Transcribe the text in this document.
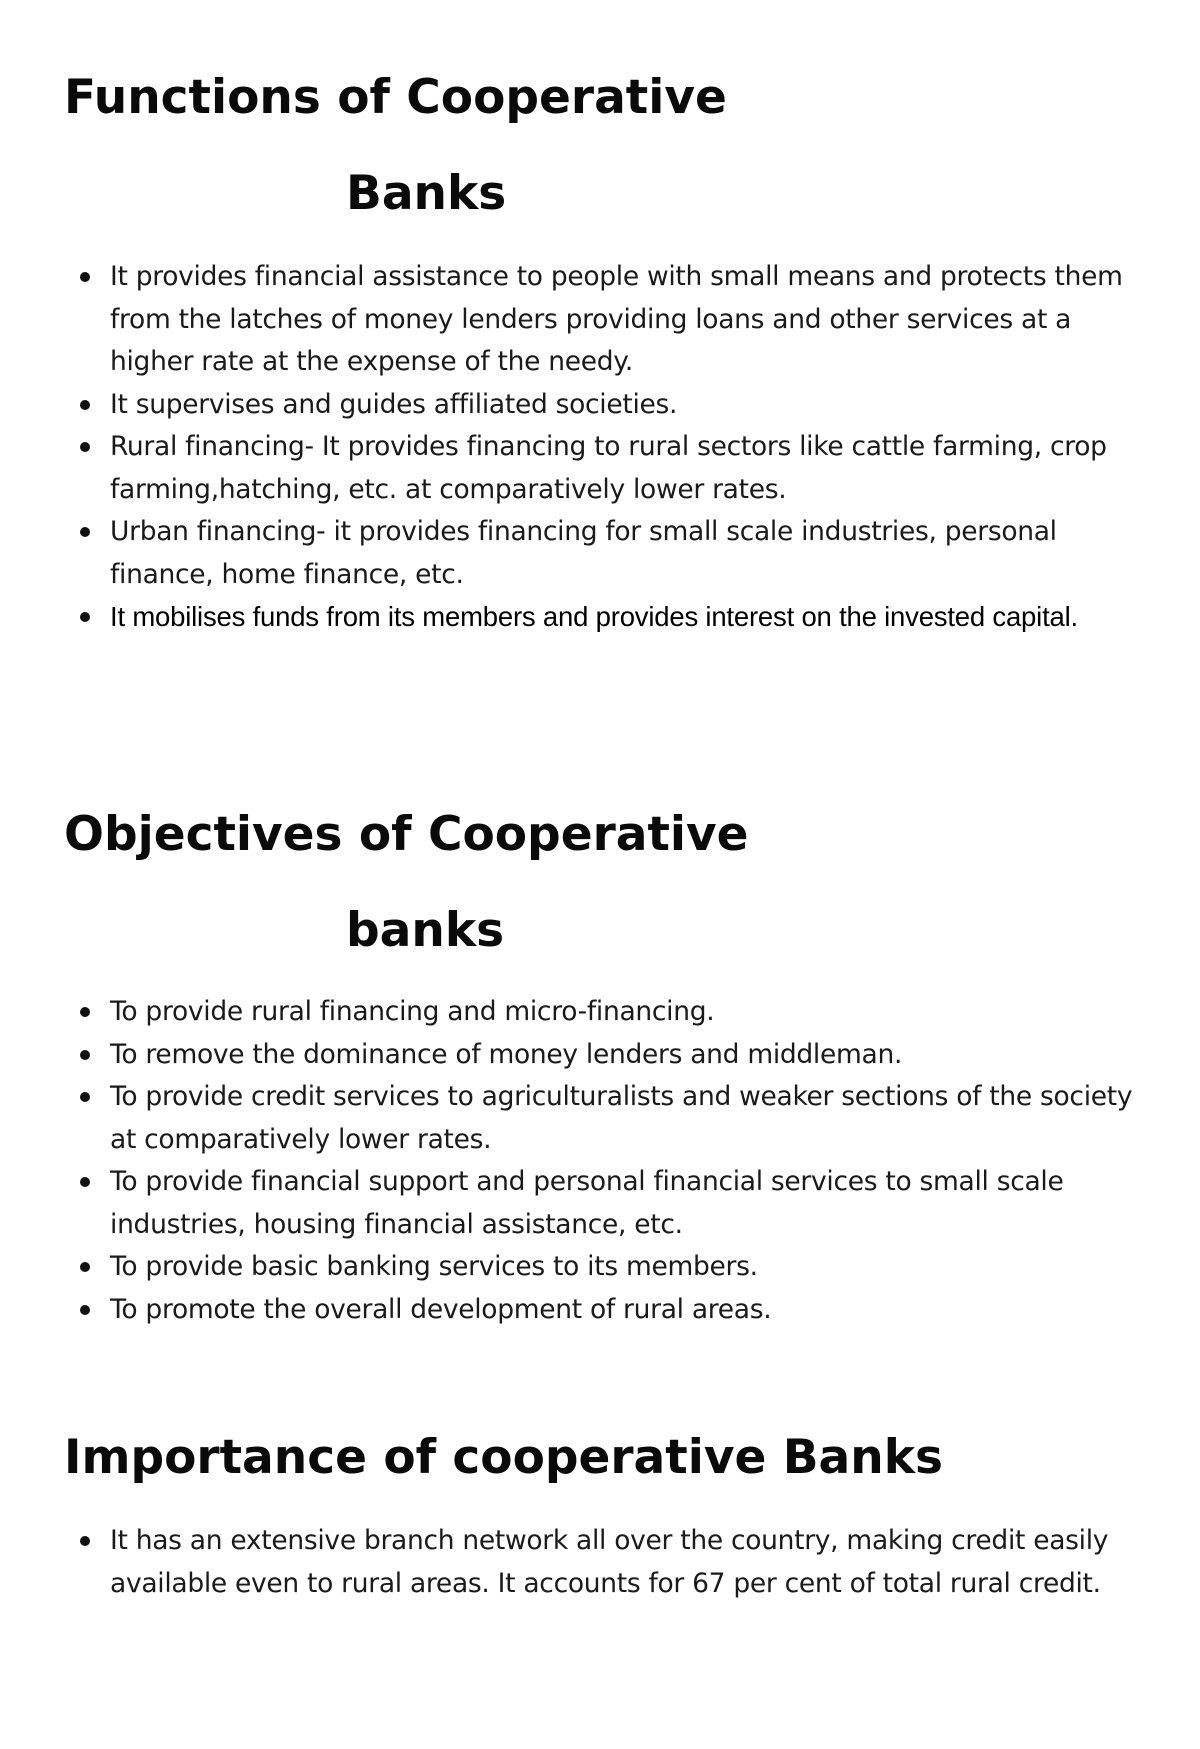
Functions of Cooperative
Banks
It provides financial assistance to people with small means and protects them from the latches of money lenders providing loans and other services at a higher rate at the expense of the needy.
It supervises and guides affiliated societies.
Rural financing- It provides financing to rural sectors like cattle farming, crop farming,hatching, etc. at comparatively lower rates.
Urban financing- it provides financing for small scale industries, personal finance, home finance, etc.
It mobilises funds from its members and provides interest on the invested capital.
Objectives of Cooperative
banks
To provide rural financing and micro-financing.
To remove the dominance of money lenders and middleman.
To provide credit services to agriculturalists and weaker sections of the society at comparatively lower rates.
To provide financial support and personal financial services to small scale industries, housing financial assistance, etc.
To provide basic banking services to its members.
To promote the overall development of rural areas.
Importance of cooperative Banks
It has an extensive branch network all over the country, making credit easily available even to rural areas. It accounts for 67 per cent of total rural credit.
